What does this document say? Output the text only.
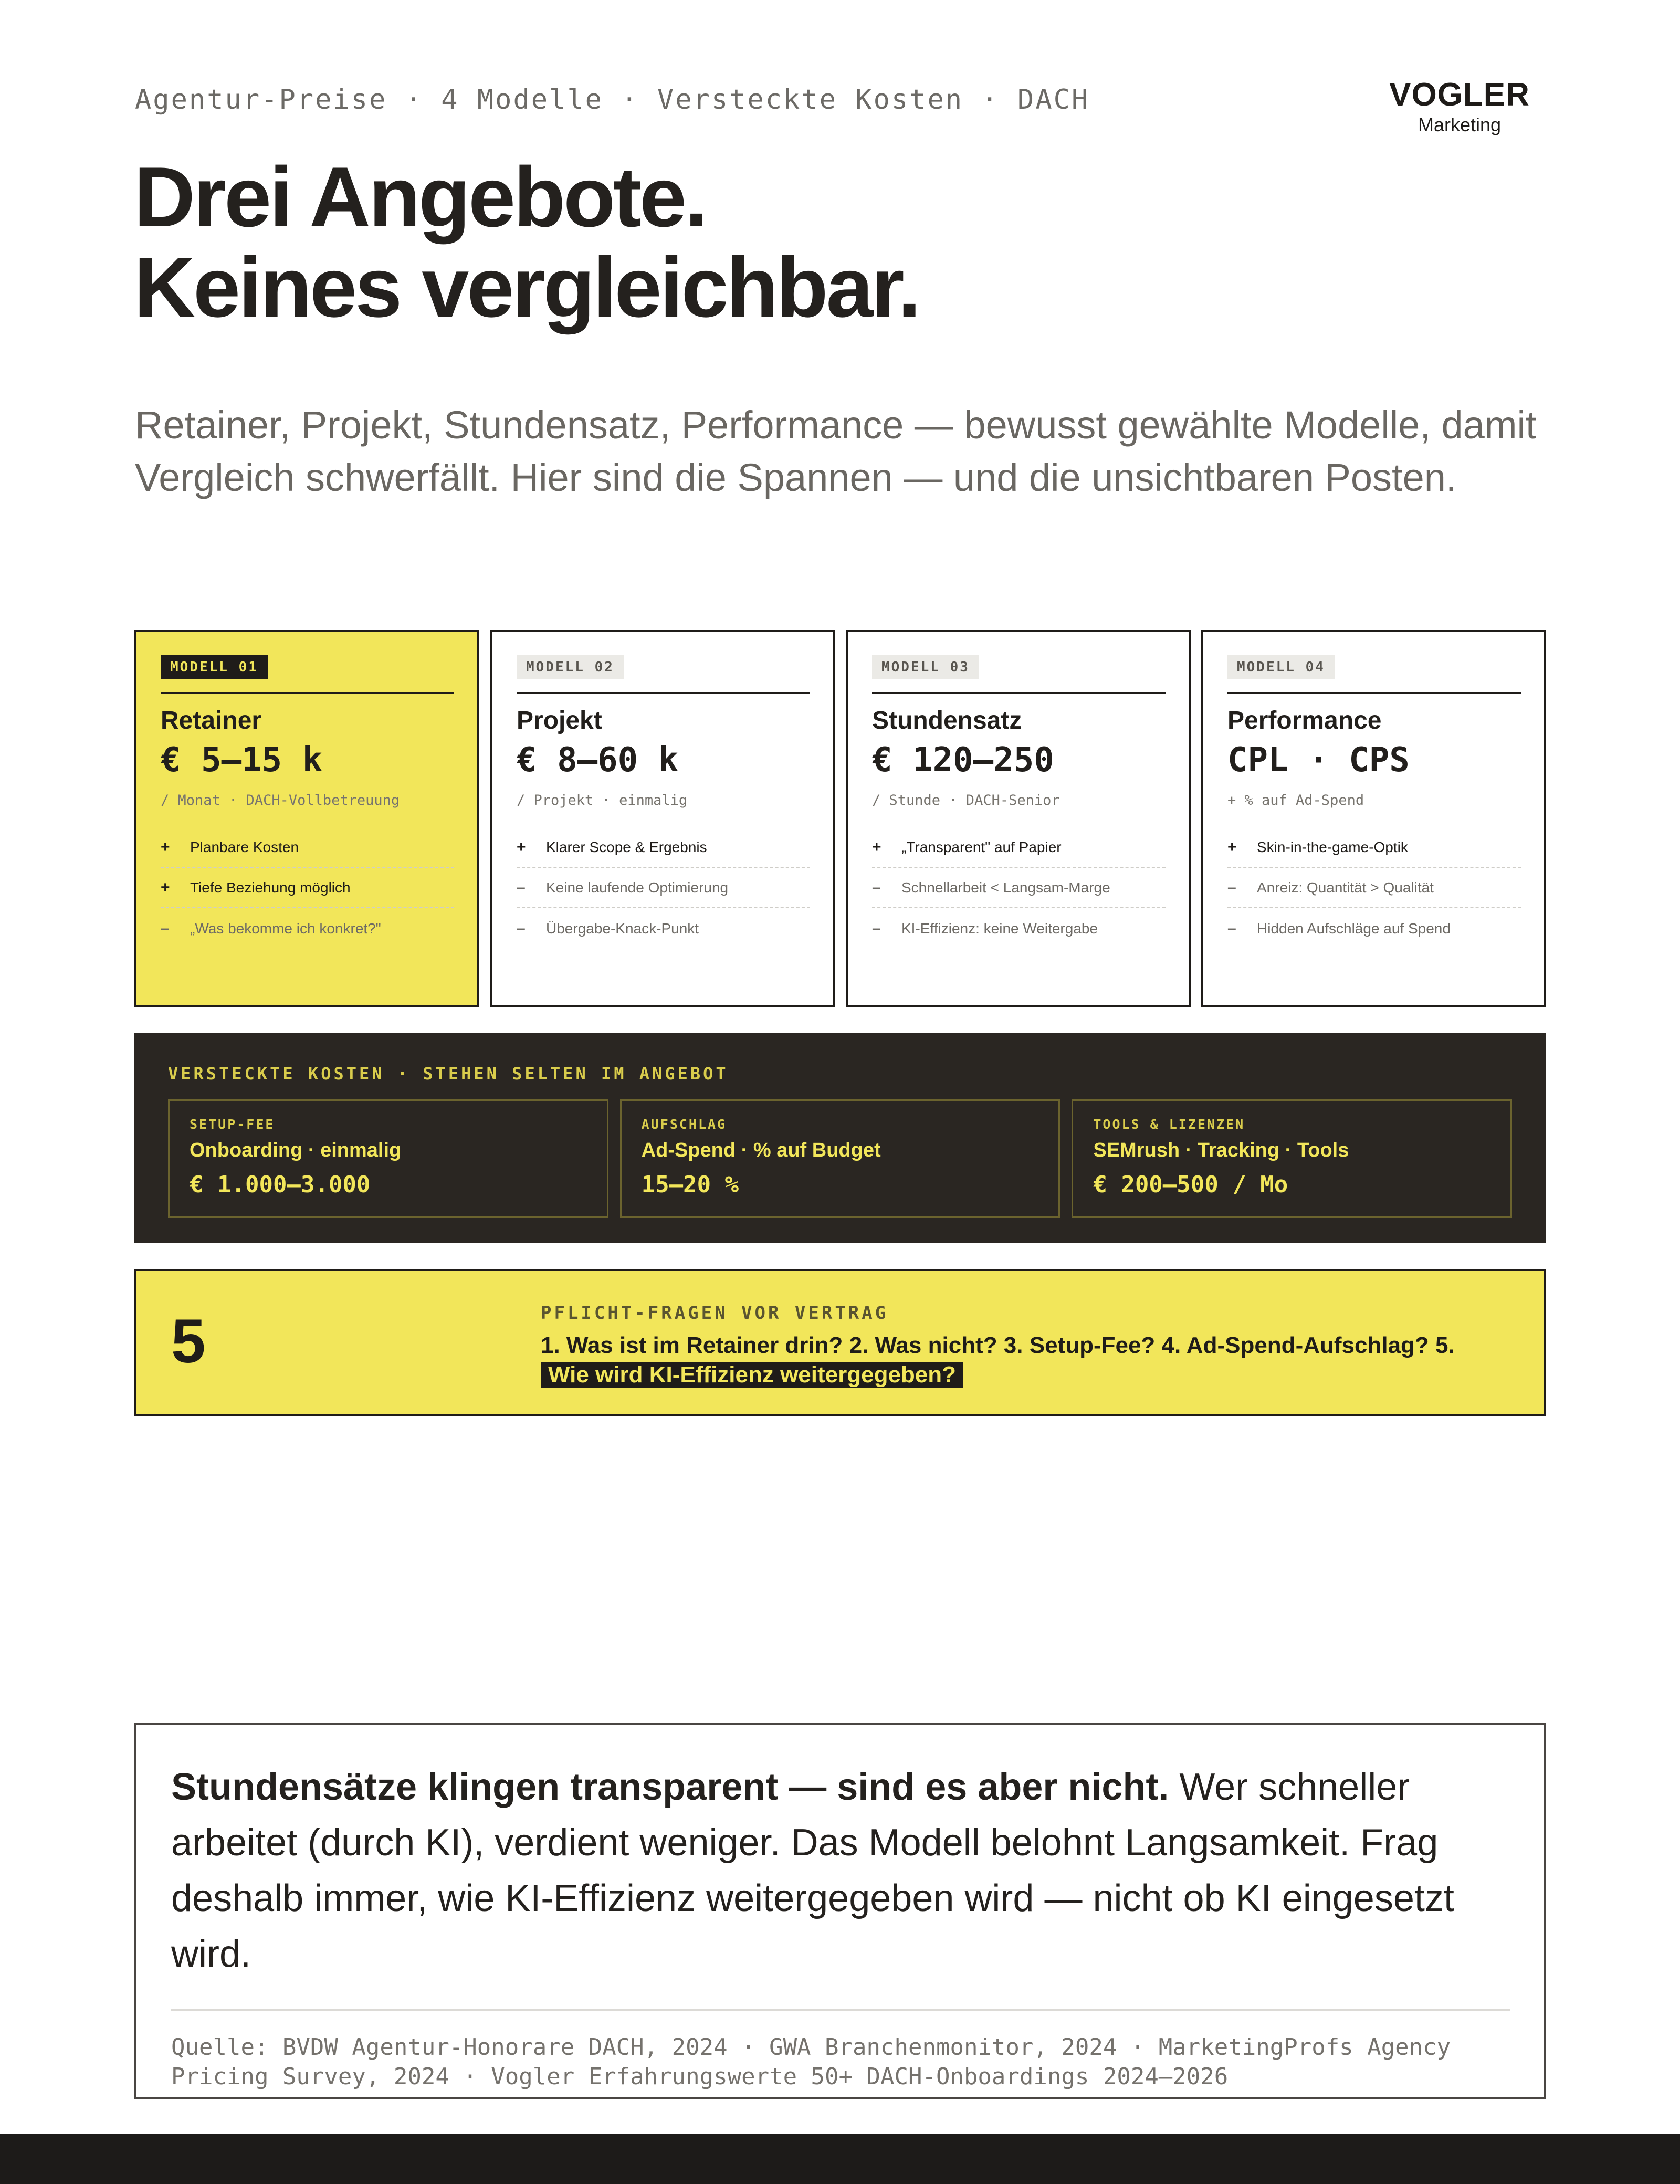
Agentur-Preise · 4 Modelle · Versteckte Kosten · DACH	VOGLER
Marketing
Drei Angebote.
Keines vergleichbar.
Retainer, Projekt, Stundensatz, Performance — bewusst gewählte Modelle, damit Vergleich schwerfällt. Hier sind die Spannen — und die unsichtbaren Posten.
MODELL 01
Retainer
€ 5–15 k
/ Monat · DACH-Vollbetreuung
+	Planbare Kosten
+	Tiefe Beziehung möglich
–	„Was bekomme ich konkret?"
MODELL 02
Projekt
€ 8–60 k
/ Projekt · einmalig
+	Klarer Scope & Ergebnis
–	Keine laufende Optimierung
–	Übergabe-Knack-Punkt
MODELL 03
Stundensatz
€ 120–250
/ Stunde · DACH-Senior
+	„Transparent" auf Papier
–	Schnellarbeit < Langsam-Marge
–	KI-Effizienz: keine Weitergabe
MODELL 04
Performance
CPL · CPS
+ % auf Ad-Spend
+	Skin-in-the-game-Optik
–	Anreiz: Quantität > Qualität
–	Hidden Aufschläge auf Spend
VERSTECKTE KOSTEN · STEHEN SELTEN IM ANGEBOT
SETUP-FEE
Onboarding · einmalig
€ 1.000–3.000
AUFSCHLAG
Ad-Spend · % auf Budget
15–20 %
TOOLS & LIZENZEN
SEMrush · Tracking · Tools
€ 200–500 / Mo
5	PFLICHT-FRAGEN VOR VERTRAG
1. Was ist im Retainer drin? 2. Was nicht? 3. Setup-Fee? 4. Ad-Spend-Aufschlag? 5.
Wie wird KI-Effizienz weitergegeben?
Stundensätze klingen transparent — sind es aber nicht. Wer schneller arbeitet (durch KI), verdient weniger. Das Modell belohnt Langsamkeit. Frag deshalb immer, wie KI-Effizienz weitergegeben wird — nicht ob KI eingesetzt wird.
Quelle: BVDW Agentur-Honorare DACH, 2024 · GWA Branchenmonitor, 2024 · MarketingProfs Agency Pricing Survey, 2024 · Vogler Erfahrungswerte 50+ DACH-Onboardings 2024–2026
